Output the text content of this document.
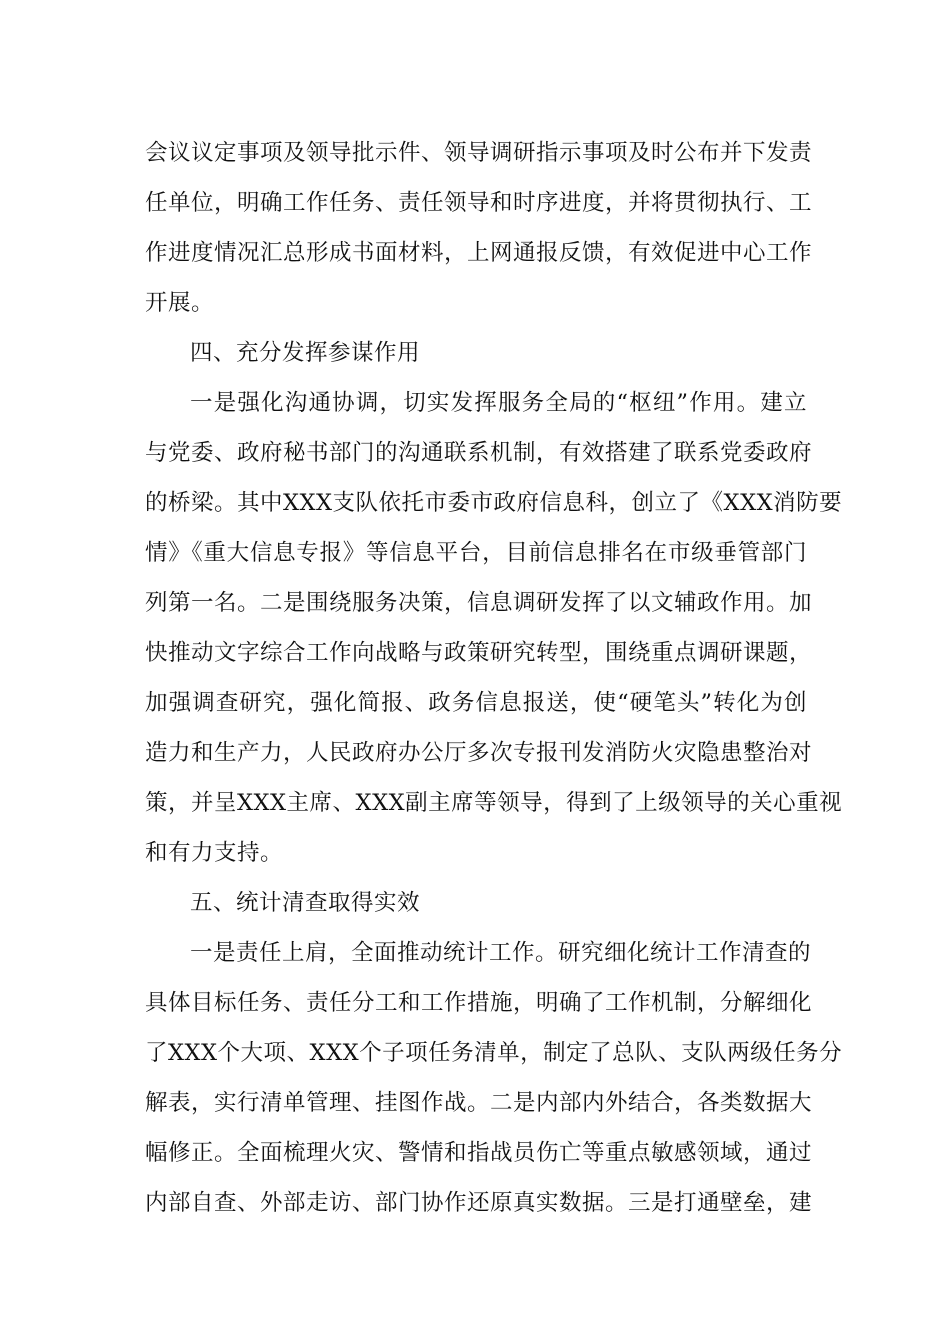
会议议定事项及领导批示件、领导调研指示事项及时公布并下发责
任单位，明确工作任务、责任领导和时序进度，并将贯彻执行、工
作进度情况汇总形成书面材料，上网通报反馈，有效促进中心工作
开展。
四、充分发挥参谋作用
一是强化沟通协调，切实发挥服务全局的“枢纽”作用。建立
与党委、政府秘书部门的沟通联系机制，有效搭建了联系党委政府
的桥梁。其中XXX支队依托市委市政府信息科，创立了《XXX消防要
情》《重大信息专报》等信息平台，目前信息排名在市级垂管部门
列第一名。二是围绕服务决策，信息调研发挥了以文辅政作用。加
快推动文字综合工作向战略与政策研究转型，围绕重点调研课题，
加强调查研究，强化简报、政务信息报送，使“硬笔头”转化为创
造力和生产力，人民政府办公厅多次专报刊发消防火灾隐患整治对
策，并呈XXX主席、XXX副主席等领导，得到了上级领导的关心重视
和有力支持。
五、统计清查取得实效
一是责任上肩，全面推动统计工作。研究细化统计工作清查的
具体目标任务、责任分工和工作措施，明确了工作机制，分解细化
了XXX个大项、XXX个子项任务清单，制定了总队、支队两级任务分
解表，实行清单管理、挂图作战。二是内部内外结合，各类数据大
幅修正。全面梳理火灾、警情和指战员伤亡等重点敏感领域，通过
内部自查、外部走访、部门协作还原真实数据。三是打通壁垒，建
